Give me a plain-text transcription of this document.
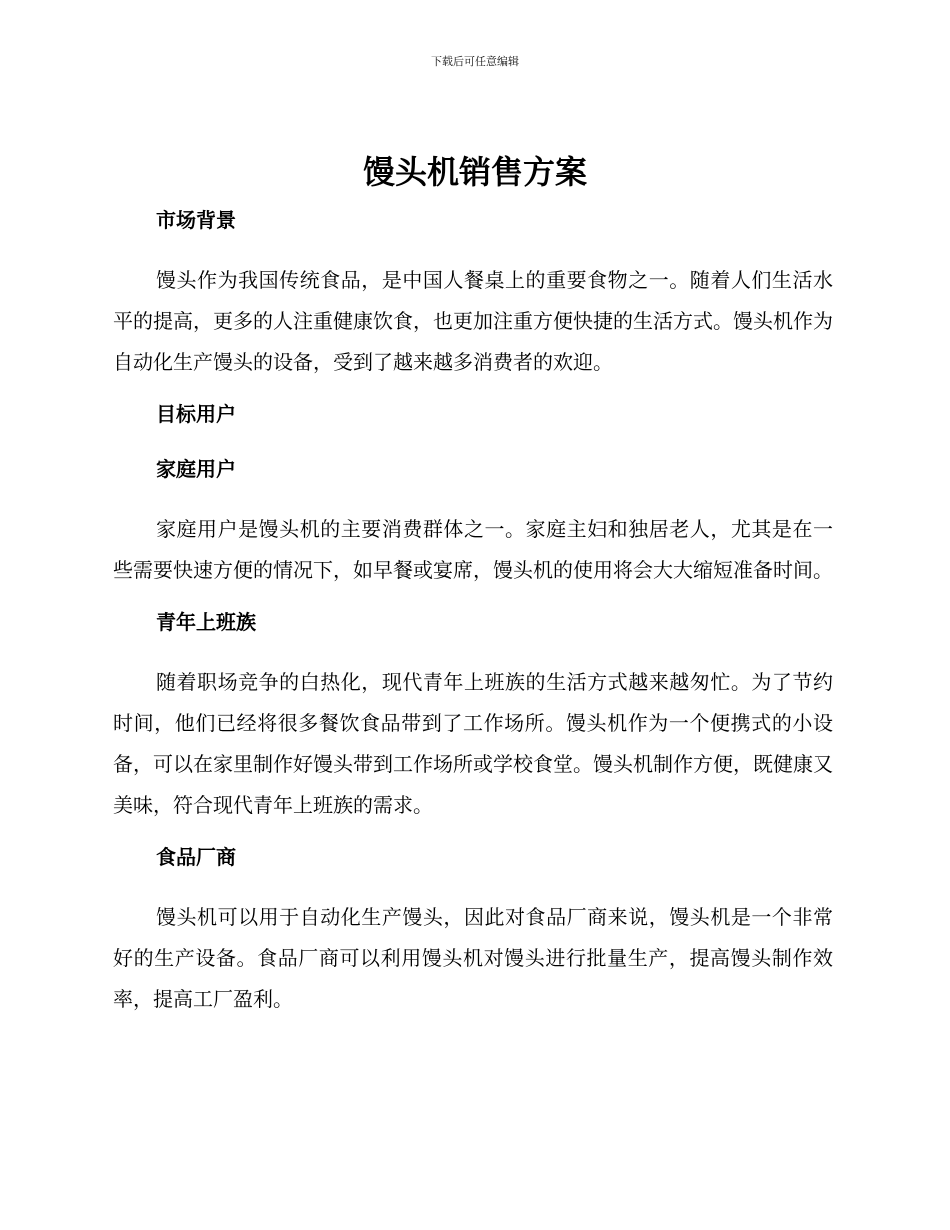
下载后可任意编辑
馒头机销售方案
市场背景

馒头作为我国传统食品，是中国人餐桌上的重要食物之一。随着人们生活水平的提高，更多的人注重健康饮食，也更加注重方便快捷的生活方式。馒头机作为自动化生产馒头的设备，受到了越来越多消费者的欢迎。

目标用户
家庭用户

家庭用户是馒头机的主要消费群体之一。家庭主妇和独居老人，尤其是在一些需要快速方便的情况下，如早餐或宴席，馒头机的使用将会大大缩短准备时间。

青年上班族

随着职场竞争的白热化，现代青年上班族的生活方式越来越匆忙。为了节约时间，他们已经将很多餐饮食品带到了工作场所。馒头机作为一个便携式的小设备，可以在家里制作好馒头带到工作场所或学校食堂。馒头机制作方便，既健康又美味，符合现代青年上班族的需求。

食品厂商

馒头机可以用于自动化生产馒头，因此对食品厂商来说，馒头机是一个非常好的生产设备。食品厂商可以利用馒头机对馒头进行批量生产，提高馒头制作效率，提高工厂盈利。
